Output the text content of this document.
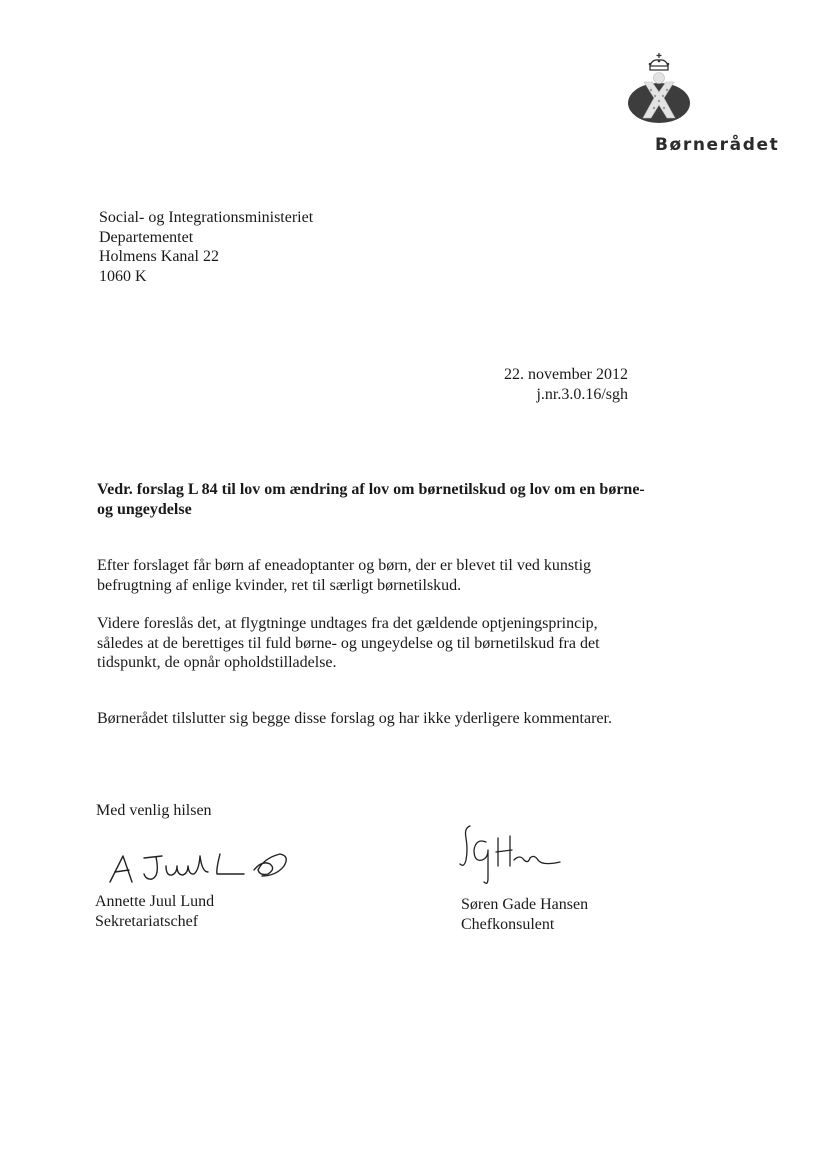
Børnerådet
Social- og Integrationsministeriet
Departementet
Holmens Kanal 22
1060 K
22. november 2012
j.nr.3.0.16/sgh
Vedr. forslag L 84 til lov om ændring af lov om børnetilskud og lov om en børne- og ungeydelse
Efter forslaget får børn af eneadoptanter og børn, der er blevet til ved kunstig befrugtning af enlige kvinder, ret til særligt børnetilskud.
Videre foreslås det, at flygtninge undtages fra det gældende optjeningsprincip, således at de berettiges til fuld børne- og ungeydelse og til børnetilskud fra det tidspunkt, de opnår opholdstilladelse.
Børnerådet tilslutter sig begge disse forslag og har ikke yderligere kommentarer.
Med venlig hilsen
Annette Juul Lund
Sekretariatschef
Søren Gade Hansen
Chefkonsulent
